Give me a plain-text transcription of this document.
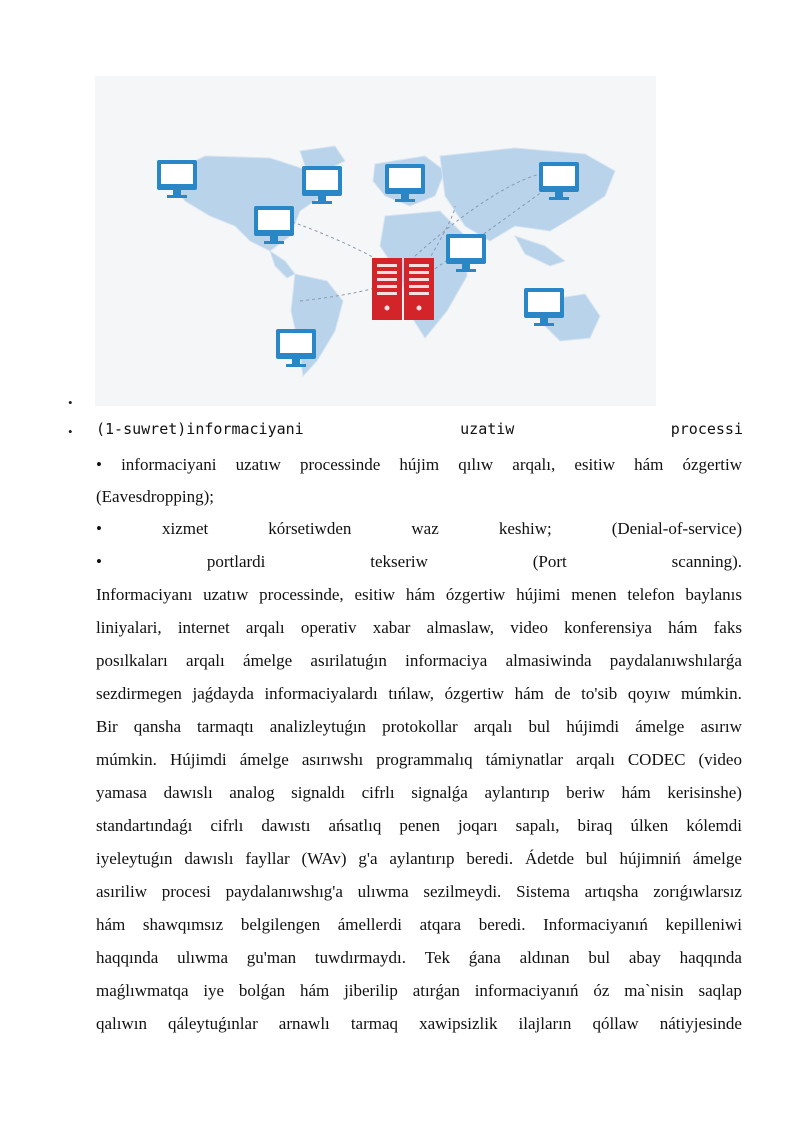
•
• (1-suwret)informaciyani	uzatiw	processi
• informaciyani uzatıw processinde hújim qılıw arqalı, esitiw hám ózgertiw
(Eavesdropping);
•	xizmet	kórsetiwden	waz	keshiw;	(Denial-of-service)
•	portlardi	tekseriw	(Port	scanning).
Informaciyanı uzatıw processinde, esitiw hám ózgertiw hújimi menen telefon baylanıs
liniyalari, internet arqalı operativ xabar almaslaw, video konferensiya hám faks
posılkaları arqalı ámelge asırilatuǵın informaciya almasiwinda paydalanıwshılarǵa
sezdirmegen jaǵdayda informaciyalardı tıńlaw, ózgertiw hám de to'sib qoyıw múmkin.
Bir qansha tarmaqtı analizleytuǵın protokollar arqalı bul hújimdi ámelge asırıw
múmkin. Hújimdi ámelge asırıwshı programmalıq támiynatlar arqalı CODEC (video
yamasa dawıslı analog signaldı cifrlı signalǵa aylantırıp beriw hám kerisinshe)
standartındaǵı cifrlı dawıstı ańsatlıq penen joqarı sapalı, biraq úlken kólemdi
iyeleytuǵın dawıslı fayllar (WAv) g'a aylantırıp beredi. Ádetde bul hújimniń ámelge
asıriliw procesi paydalanıwshıg'a ulıwma sezilmeydi. Sistema artıqsha zorıǵıwlarsız
hám shawqımsız belgilengen ámellerdi atqara beredi. Informaciyanıń kepilleniwi
haqqında ulıwma gu'man tuwdırmaydı. Tek ǵana aldınan bul abay haqqında
maǵlıwmatqa iye bolǵan hám jiberilip atırǵan informaciyanıń óz ma`nisin saqlap
qalıwın qáleytuǵınlar arnawlı tarmaq xawipsizlik ilajların qóllaw nátiyjesinde
